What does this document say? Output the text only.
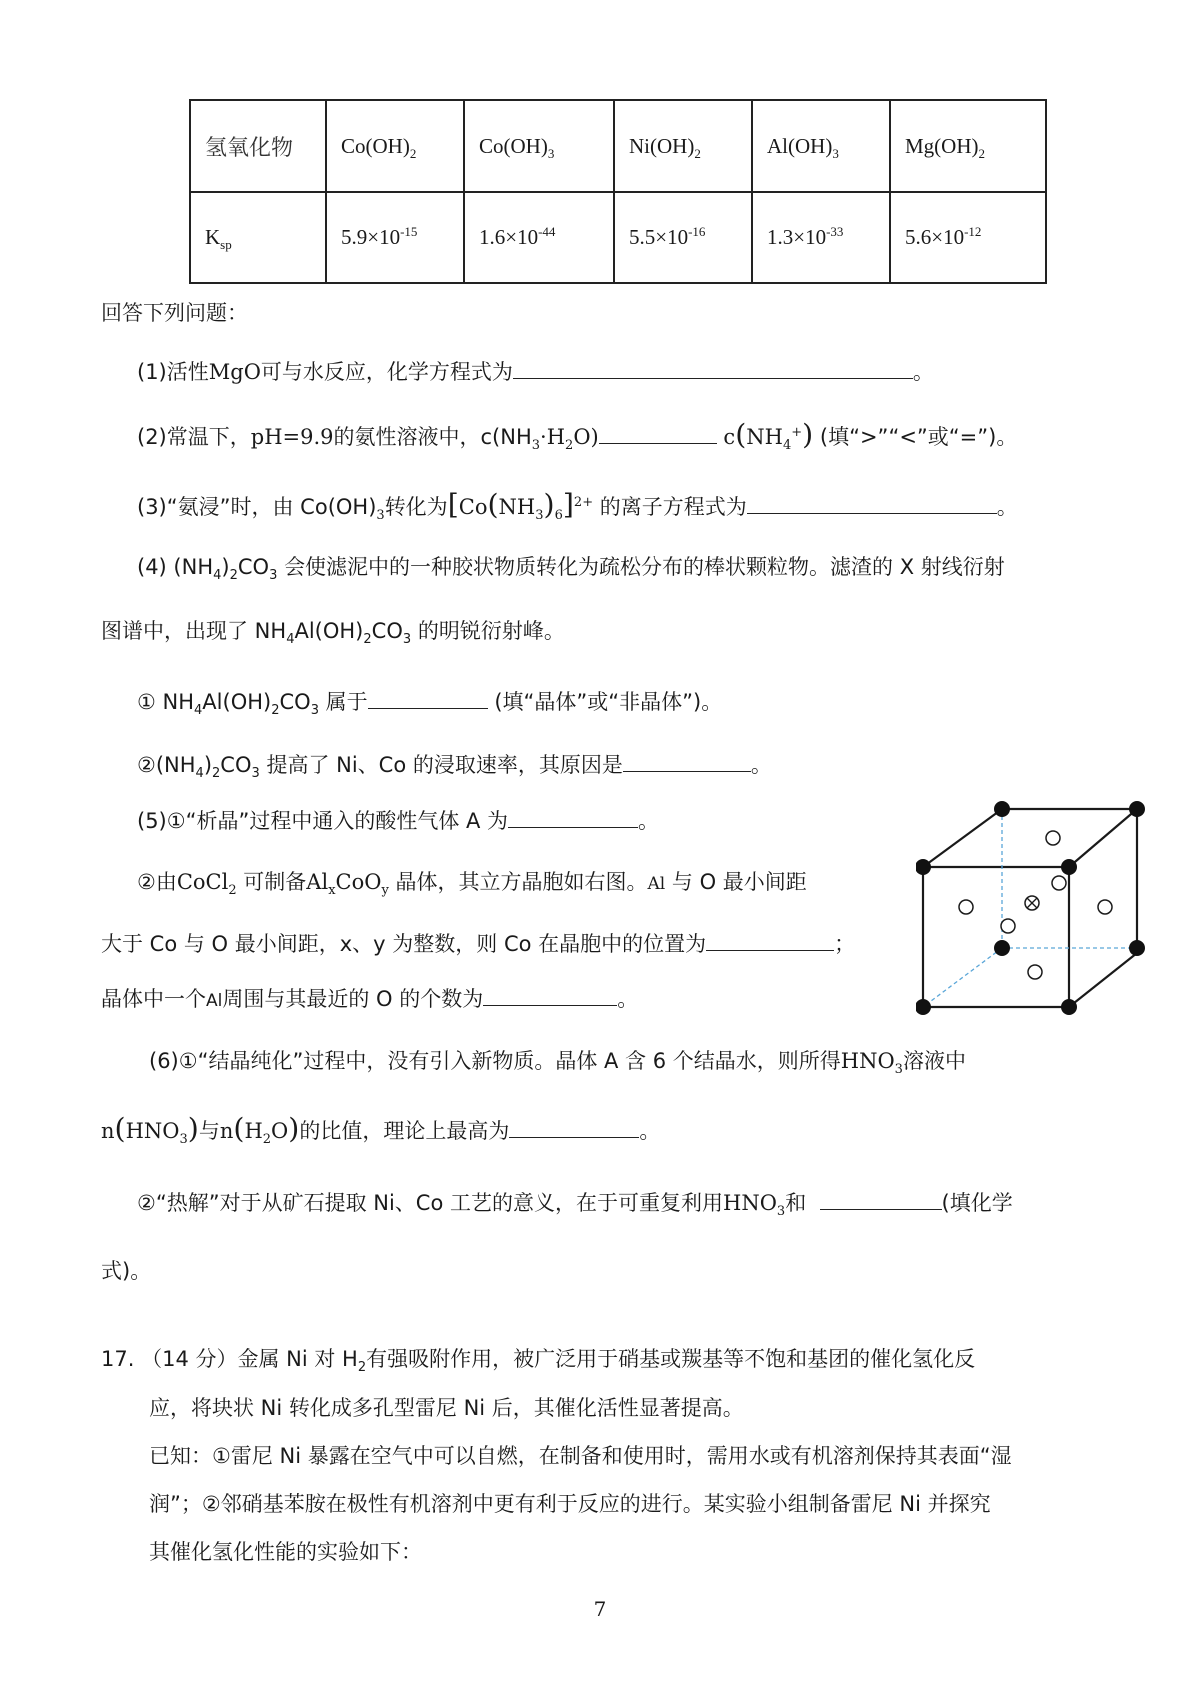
氢氧化物	$Co(OH)_2$	$Co(OH)_3$	$Ni(OH)_2$	$Al(OH)_3$	$Mg(OH)_2$
$K_{sp}$	$5.9\times 10^{-15}$	$1.6\times 10^{-44}$	$5.5\times 10^{-16}$	$1.3\times 10^{-33}$	$5.6\times 10^{-12}$
回答下列问题：
(1)活性MgO可与水反应，化学方程式为	。
(2)常温下，pH=9.9的氨性溶液中，$c(NH_3\cdot H_2O)$	$c(NH_4^+)$ (填“>”“<”或“=”)。
(3)“氨浸”时，由 $Co(OH)_3$转化为$[Co(NH_3)_6]^{2+}$ 的离子方程式为	。
(4) $(NH_4)_2CO_3$ 会使滤泥中的一种胶状物质转化为疏松分布的棒状颗粒物。滤渣的 X 射线衍射
图谱中，出现了 $NH_4Al(OH)_2CO_3$ 的明锐衍射峰。
① $NH_4Al(OH)_2CO_3$ 属于	(填“晶体”或“非晶体”)。
$②(NH_4)_2CO_3$ 提高了 Ni、Co 的浸取速率，其原因是	。
(5)①“析晶”过程中通入的酸性气体 A 为	。
②由CoCl$_2$ 可制备$Al_xCoO_y$ 晶体，其立方晶胞如右图。Al 与 O 最小间距
大于 Co 与 O 最小间距，x、y 为整数，则 Co 在晶胞中的位置为	；
晶体中一个Al周围与其最近的 O 的个数为	。
(6)①“结晶纯化”过程中，没有引入新物质。晶体 A 含 6 个结晶水，则所得$HNO_3$溶液中
$n(HNO_3)$与$n(H_2O)$的比值，理论上最高为	。
②“热解”对于从矿石提取 Ni、Co 工艺的意义，在于可重复利用$HNO_3$和	(填化学
式)。
17. （14 分）金属 Ni 对 $H_2$有强吸附作用，被广泛用于硝基或羰基等不饱和基团的催化氢化反
应，将块状 Ni 转化成多孔型雷尼 Ni 后，其催化活性显著提高。
已知：①雷尼 Ni 暴露在空气中可以自燃，在制备和使用时，需用水或有机溶剂保持其表面“湿
润”；②邻硝基苯胺在极性有机溶剂中更有利于反应的进行。某实验小组制备雷尼 Ni 并探究
其催化氢化性能的实验如下：
7
